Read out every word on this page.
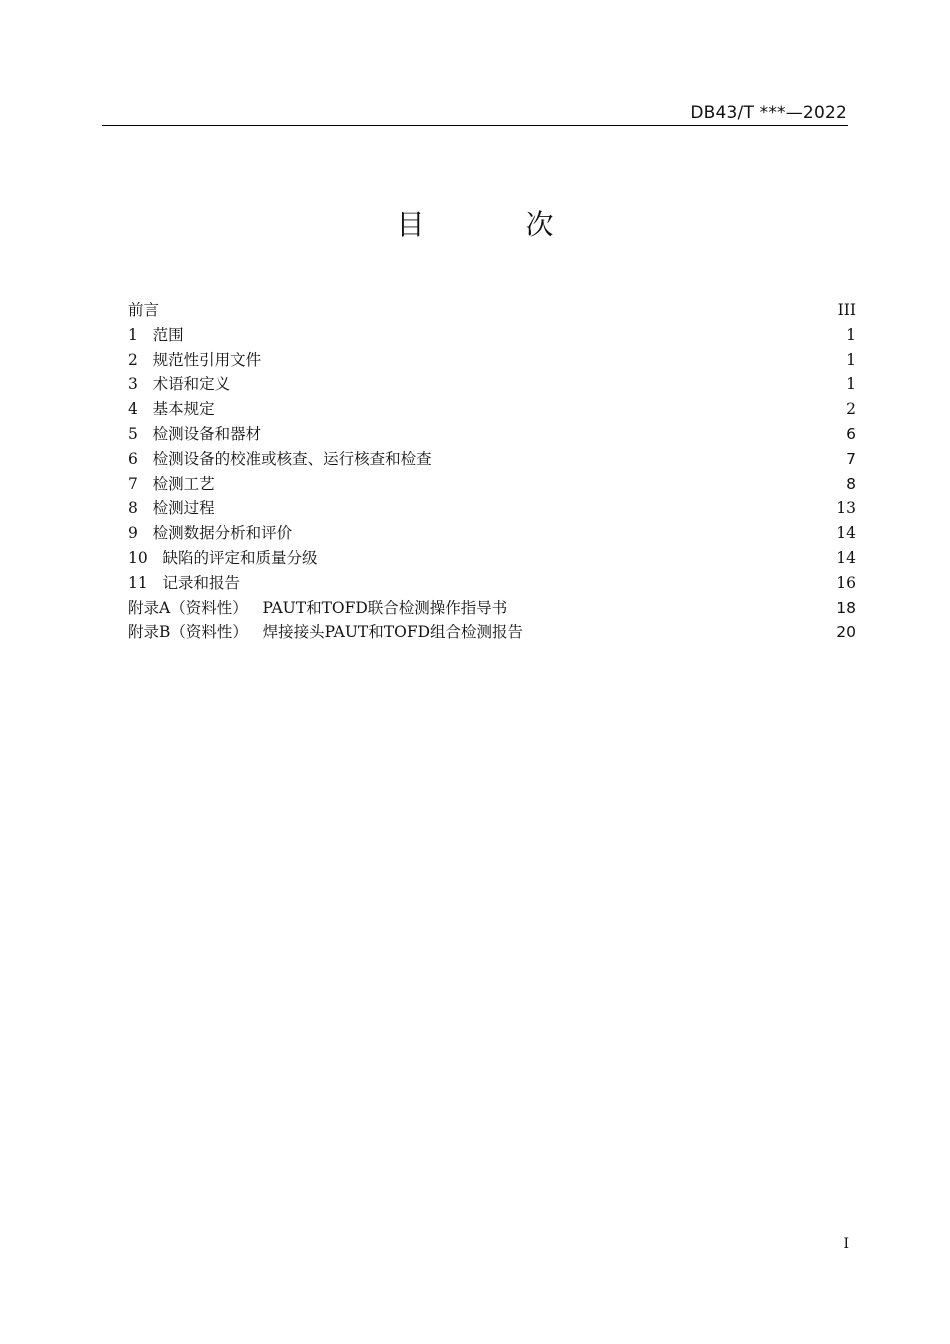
DB43/T ***—2022
目 次
前言	III
1   范围	1
2   规范性引用文件	1
3   术语和定义	1
4   基本规定	2
5   检测设备和器材	6
6   检测设备的校准或核查、运行核查和检查	7
7   检测工艺	8
8   检测过程	13
9   检测数据分析和评价	14
10   缺陷的评定和质量分级	14
11   记录和报告	16
附录A（资料性）   PAUT和TOFD联合检测操作指导书	18
附录B（资料性）   焊接接头PAUT和TOFD组合检测报告	20
I
